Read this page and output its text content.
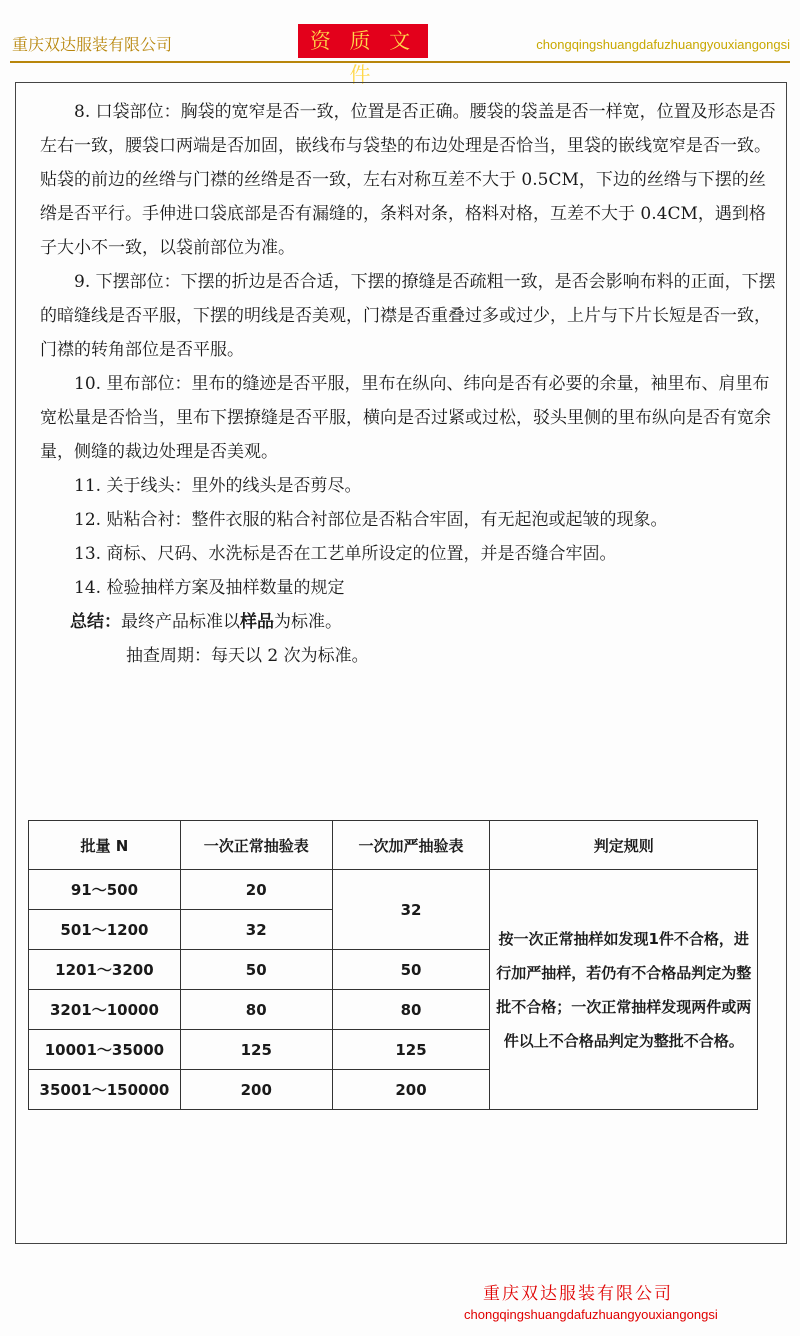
重庆双达服装有限公司	资 质 文 件
chongqingshuangdafuzhuangyouxiangongsi

8. 口袋部位：胸袋的宽窄是否一致，位置是否正确。腰袋的袋盖是否一样宽，位置及形态是否左右一致，腰袋口两端是否加固，嵌线布与袋垫的布边处理是否恰当，里袋的嵌线宽窄是否一致。贴袋的前边的丝绺与门襟的丝绺是否一致，左右对称互差不大于 0.5CM，下边的丝绺与下摆的丝绺是否平行。手伸进口袋底部是否有漏缝的，条料对条，格料对格，互差不大于 0.4CM，遇到格子大小不一致，以袋前部位为准。

9. 下摆部位：下摆的折边是否合适，下摆的撩缝是否疏粗一致，是否会影响布料的正面，下摆的暗缝线是否平服，下摆的明线是否美观，门襟是否重叠过多或过少，上片与下片长短是否一致，门襟的转角部位是否平服。

10. 里布部位：里布的缝迹是否平服，里布在纵向、纬向是否有必要的余量，袖里布、肩里布宽松量是否恰当，里布下摆撩缝是否平服，横向是否过紧或过松，驳头里侧的里布纵向是否有宽余量，侧缝的裁边处理是否美观。

11. 关于线头：里外的线头是否剪尽。

12. 贴粘合衬：整件衣服的粘合衬部位是否粘合牢固，有无起泡或起皱的现象。

13. 商标、尺码、水洗标是否在工艺单所设定的位置，并是否缝合牢固。

14. 检验抽样方案及抽样数量的规定

总结：最终产品标准以样品为标准。

抽查周期：每天以 2 次为标准。

批量 N	一次正常抽验表	一次加严抽验表	判定规则
91～500	20	32	按一次正常抽样如发现1件不合格，进行加严抽样，若仍有不合格品判定为整批不合格；一次正常抽样发现两件或两件以上不合格品判定为整批不合格。
501～1200	32		
1201～3200	50	50	
3201～10000	80	80	
10001～35000	125	125	
35001～150000	200	200	
重庆双达服装有限公司
chongqingshuangdafuzhuangyouxiangongsi
